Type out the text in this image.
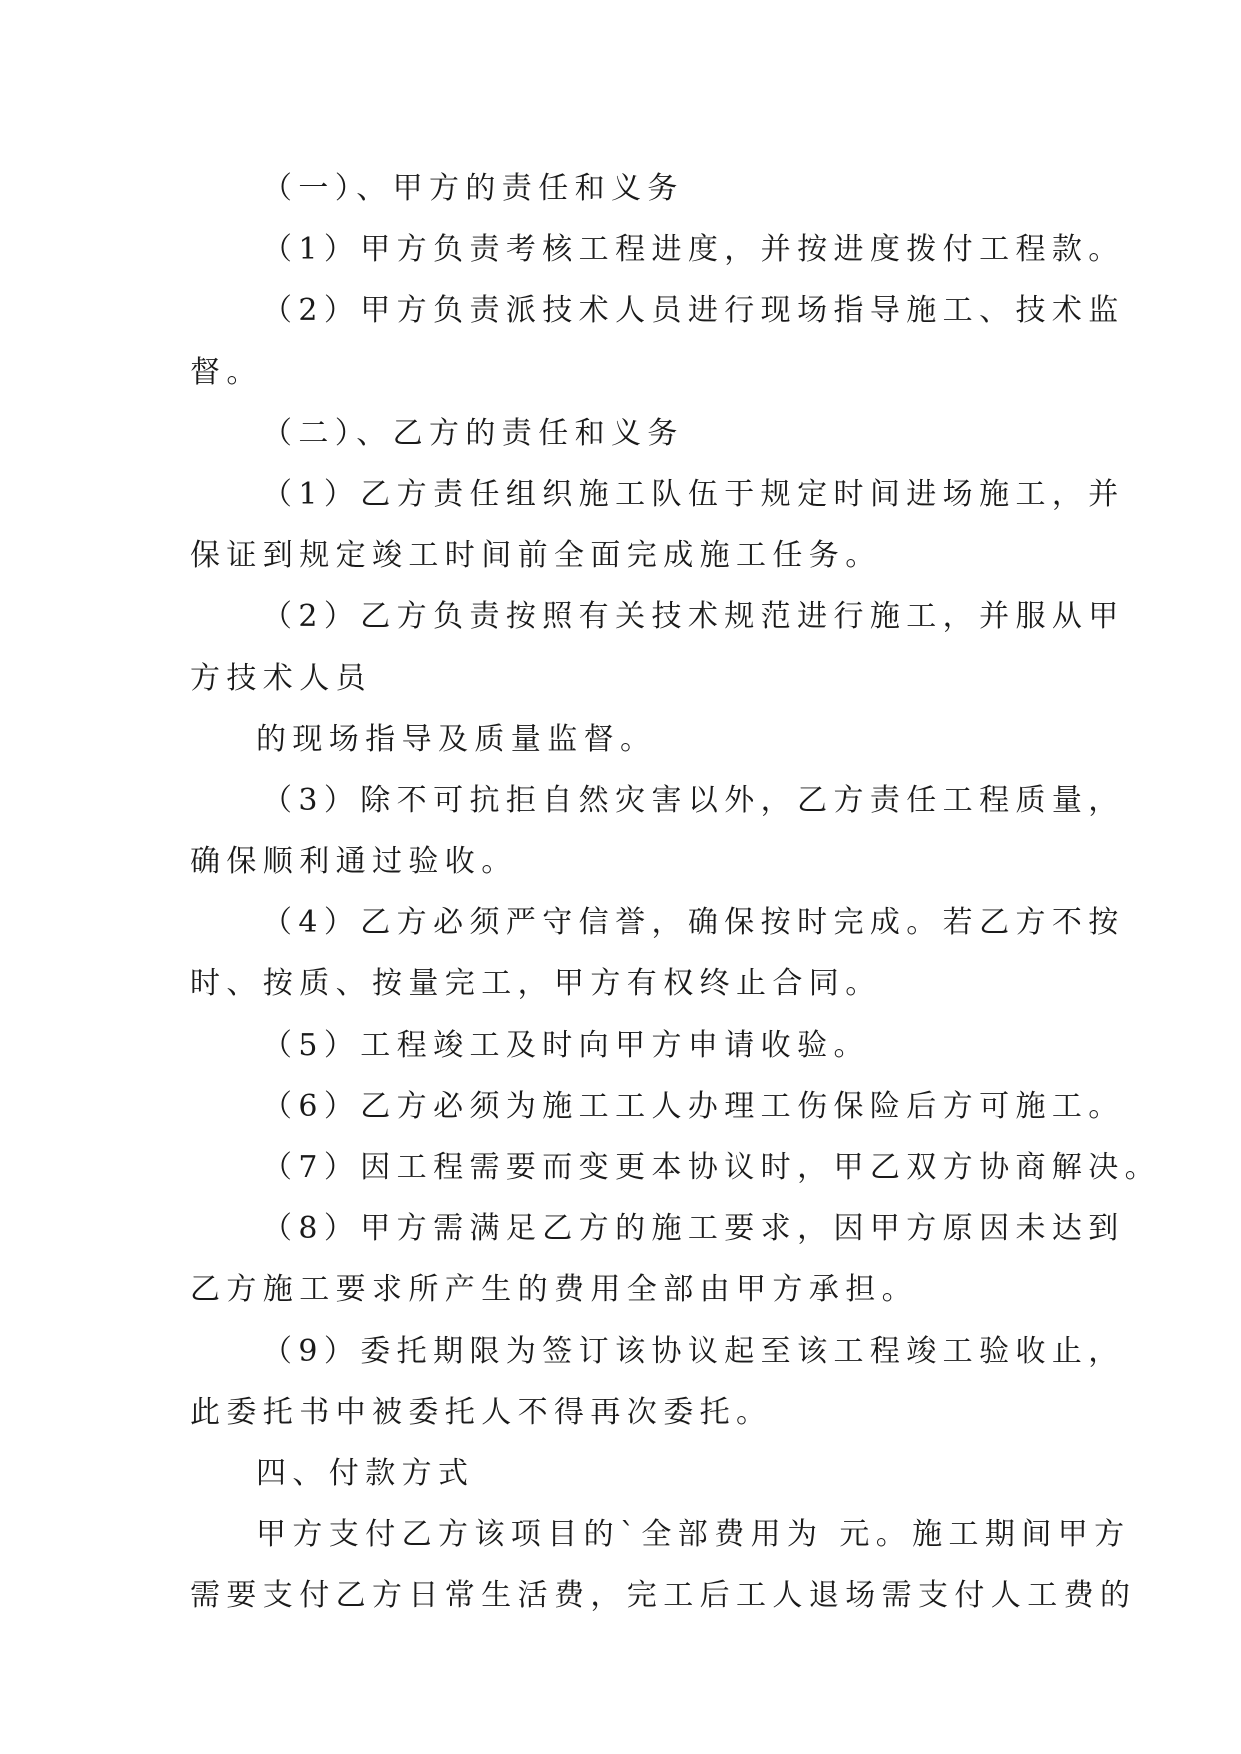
（一）、甲方的责任和义务
（1）甲方负责考核工程进度，并按进度拨付工程款。
（2）甲方负责派技术人员进行现场指导施工、技术监
督。
（二）、乙方的责任和义务
（1）乙方责任组织施工队伍于规定时间进场施工，并
保证到规定竣工时间前全面完成施工任务。
（2）乙方负责按照有关技术规范进行施工，并服从甲
方技术人员
的现场指导及质量监督。
（3）除不可抗拒自然灾害以外，乙方责任工程质量，
确保顺利通过验收。
（4）乙方必须严守信誉，确保按时完成。若乙方不按
时、按质、按量完工，甲方有权终止合同。
（5）工程竣工及时向甲方申请收验。
（6）乙方必须为施工工人办理工伤保险后方可施工。
（7）因工程需要而变更本协议时，甲乙双方协商解决。
（8）甲方需满足乙方的施工要求，因甲方原因未达到
乙方施工要求所产生的费用全部由甲方承担。
（9）委托期限为签订该协议起至该工程竣工验收止，
此委托书中被委托人不得再次委托。
四、付款方式
甲方支付乙方该项目的`全部费用为 元。施工期间甲方
需要支付乙方日常生活费，完工后工人退场需支付人工费的
